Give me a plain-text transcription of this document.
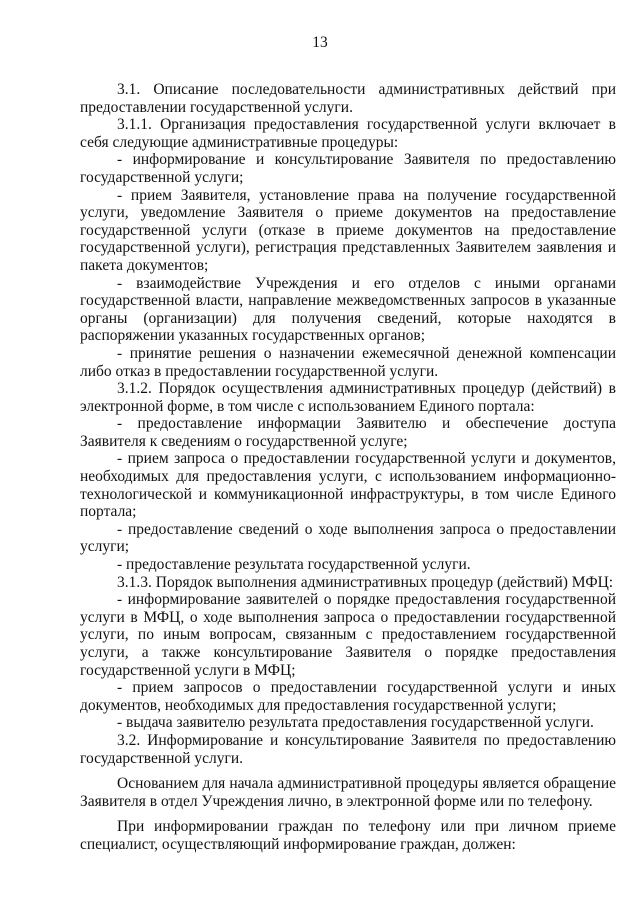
13

3.1. Описание последовательности административных действий при предоставлении государственной услуги.

3.1.1. Организация предоставления государственной услуги включает в себя следующие административные процедуры:

- информирование и консультирование Заявителя по предоставлению государственной услуги;

- прием Заявителя, установление права на получение государственной услуги, уведомление Заявителя о приеме документов на предоставление государственной услуги (отказе в приеме документов на предоставление государственной услуги), регистрация представленных Заявителем заявления и пакета документов;

- взаимодействие Учреждения и его отделов с иными органами государственной власти, направление межведомственных запросов в указанные органы (организации) для получения сведений, которые находятся в распоряжении указанных государственных органов;

- принятие решения о назначении ежемесячной денежной компенсации либо отказ в предоставлении государственной услуги.

3.1.2. Порядок осуществления административных процедур (действий) в электронной форме, в том числе с использованием Единого портала:

- предоставление информации Заявителю и обеспечение доступа Заявителя к сведениям о государственной услуге;

- прием запроса о предоставлении государственной услуги и документов, необходимых для предоставления услуги, с использованием информационно-технологической и коммуникационной инфраструктуры, в том числе Единого портала;

- предоставление сведений о ходе выполнения запроса о предоставлении услуги;

- предоставление результата государственной услуги.

3.1.3. Порядок выполнения административных процедур (действий) МФЦ:

- информирование заявителей о порядке предоставления государственной услуги в МФЦ, о ходе выполнения запроса о предоставлении государственной услуги, по иным вопросам, связанным с предоставлением государственной услуги, а также консультирование Заявителя о порядке предоставления государственной услуги в МФЦ;

- прием запросов о предоставлении государственной услуги и иных документов, необходимых для предоставления государственной услуги;

- выдача заявителю результата предоставления государственной услуги.

3.2. Информирование и консультирование Заявителя по предоставлению государственной услуги.

Основанием для начала административной процедуры является обращение Заявителя в отдел Учреждения лично, в электронной форме или по телефону.

При информировании граждан по телефону или при личном приеме специалист, осуществляющий информирование граждан, должен:
